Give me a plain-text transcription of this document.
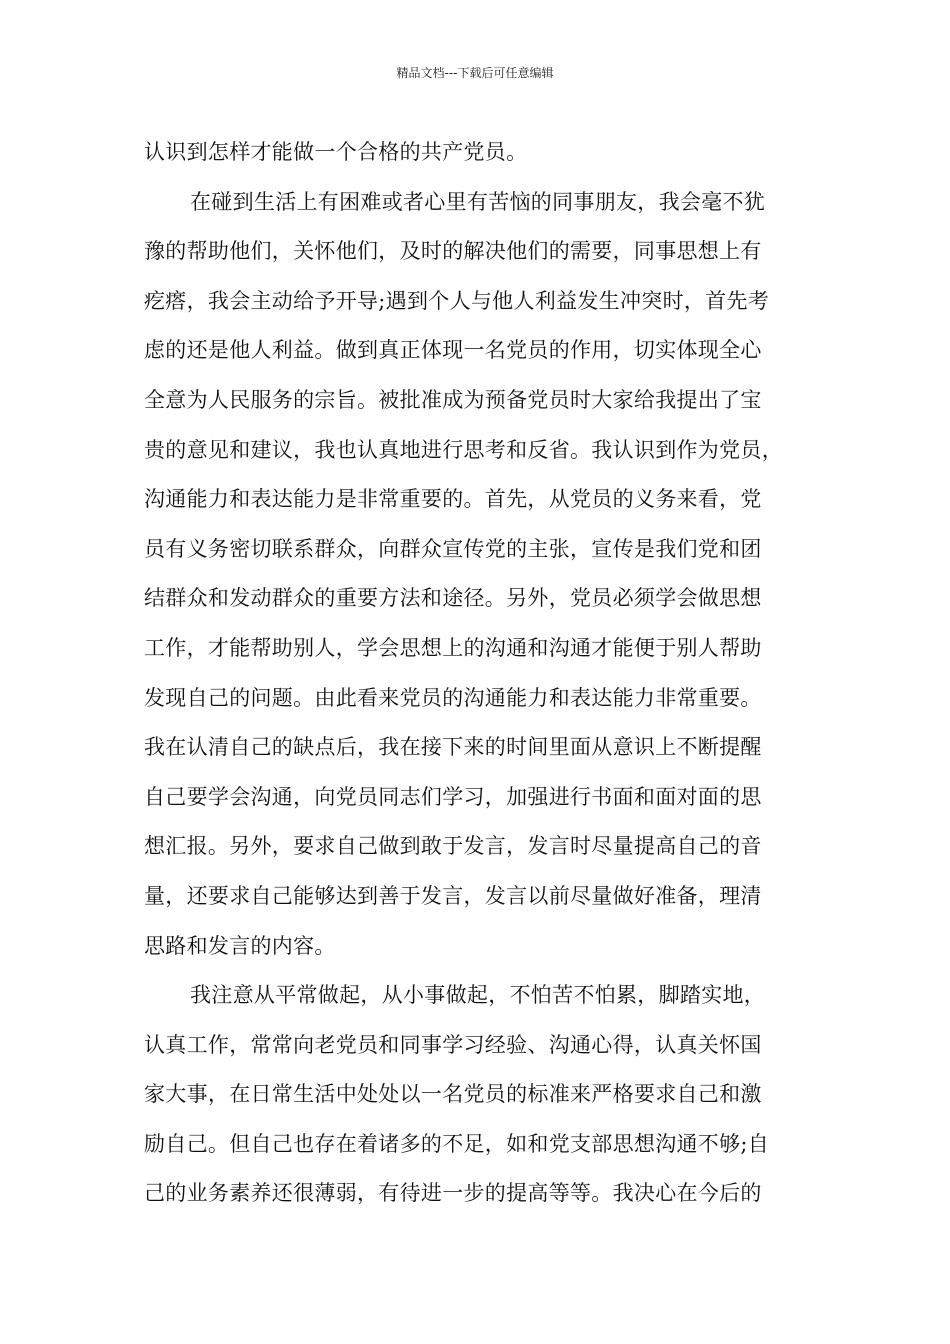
精品文档---下载后可任意编辑
认识到怎样才能做一个合格的共产党员。
在碰到生活上有困难或者心里有苦恼的同事朋友，我会毫不犹
豫的帮助他们，关怀他们，及时的解决他们的需要，同事思想上有
疙瘩，我会主动给予开导;遇到个人与他人利益发生冲突时，首先考
虑的还是他人利益。做到真正体现一名党员的作用，切实体现全心
全意为人民服务的宗旨。被批准成为预备党员时大家给我提出了宝
贵的意见和建议，我也认真地进行思考和反省。我认识到作为党员，
沟通能力和表达能力是非常重要的。首先，从党员的义务来看，党
员有义务密切联系群众，向群众宣传党的主张，宣传是我们党和团
结群众和发动群众的重要方法和途径。另外，党员必须学会做思想
工作，才能帮助别人，学会思想上的沟通和沟通才能便于别人帮助
发现自己的问题。由此看来党员的沟通能力和表达能力非常重要。
我在认清自己的缺点后，我在接下来的时间里面从意识上不断提醒
自己要学会沟通，向党员同志们学习，加强进行书面和面对面的思
想汇报。另外，要求自己做到敢于发言，发言时尽量提高自己的音
量，还要求自己能够达到善于发言，发言以前尽量做好准备，理清
思路和发言的内容。
我注意从平常做起，从小事做起，不怕苦不怕累，脚踏实地，
认真工作，常常向老党员和同事学习经验、沟通心得，认真关怀国
家大事，在日常生活中处处以一名党员的标准来严格要求自己和激
励自己。但自己也存在着诸多的不足，如和党支部思想沟通不够;自
己的业务素养还很薄弱，有待进一步的提高等等。我决心在今后的
